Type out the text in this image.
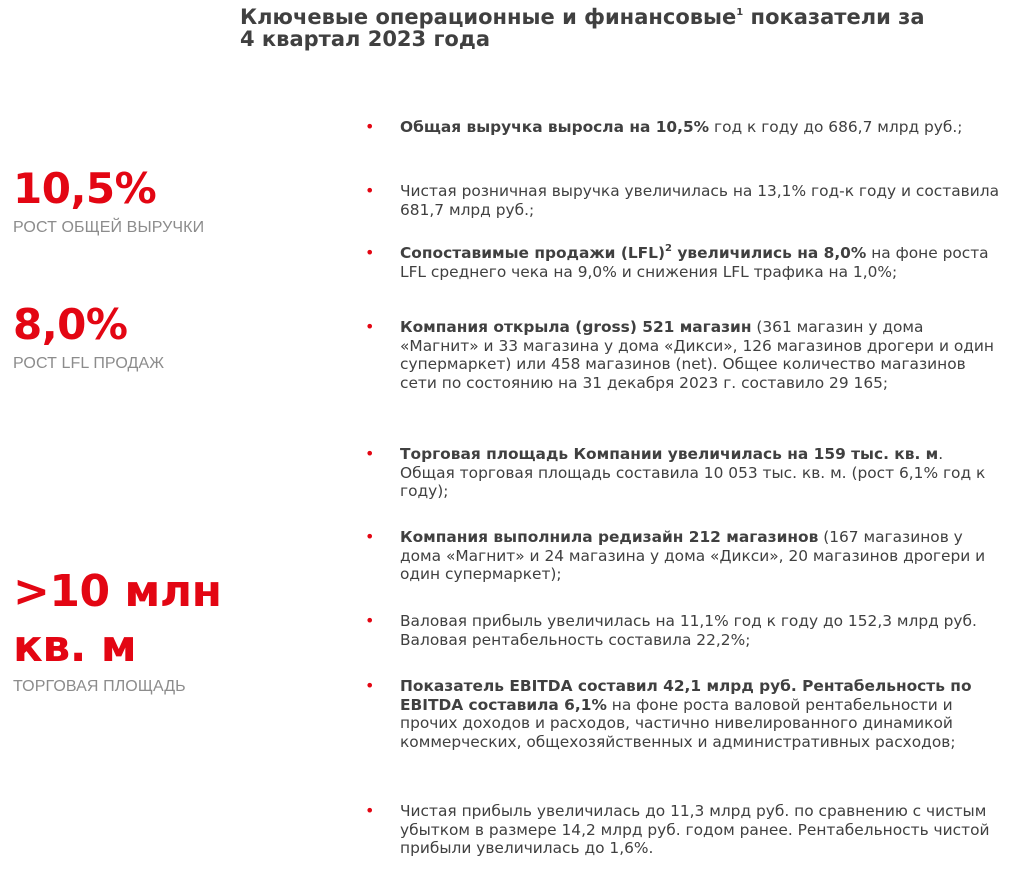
Ключевые операционные и финансовые$^1$ показатели за
4 квартал 2023 года
10,5%
РОСТ ОБЩЕЙ ВЫРУЧКИ
8,0%
РОСТ LFL ПРОДАЖ
>10 млн
кв. м
ТОРГОВАЯ ПЛОЩАДЬ
• Общая выручка выросла на 10,5% год к году до 686,7 млрд руб.;
• Чистая розничная выручка увеличилась на 13,1% год-к году и составила 681,7 млрд руб.;
• Сопоставимые продажи (LFL)$^2$ увеличились на 8,0% на фоне роста LFL среднего чека на 9,0% и снижения LFL трафика на 1,0%;
• Компания открыла (gross) 521 магазин (361 магазин у дома «Магнит» и 33 магазина у дома «Дикси», 126 магазинов дрогери и один супермаркет) или 458 магазинов (net). Общее количество магазинов сети по состоянию на 31 декабря 2023 г. составило 29 165;
• Торговая площадь Компании увеличилась на 159 тыс. кв. м. Общая торговая площадь составила 10 053 тыс. кв. м. (рост 6,1% год к году);
• Компания выполнила редизайн 212 магазинов (167 магазинов у дома «Магнит» и 24 магазина у дома «Дикси», 20 магазинов дрогери и один супермаркет);
• Валовая прибыль увеличилась на 11,1% год к году до 152,3 млрд руб. Валовая рентабельность составила 22,2%;
• Показатель EBITDA составил 42,1 млрд руб. Рентабельность по EBITDA составила 6,1% на фоне роста валовой рентабельности и прочих доходов и расходов, частично нивелированного динамикой коммерческих, общехозяйственных и административных расходов;
• Чистая прибыль увеличилась до 11,3 млрд руб. по сравнению с чистым убытком в размере 14,2 млрд руб. годом ранее. Рентабельность чистой прибыли увеличилась до 1,6%.
